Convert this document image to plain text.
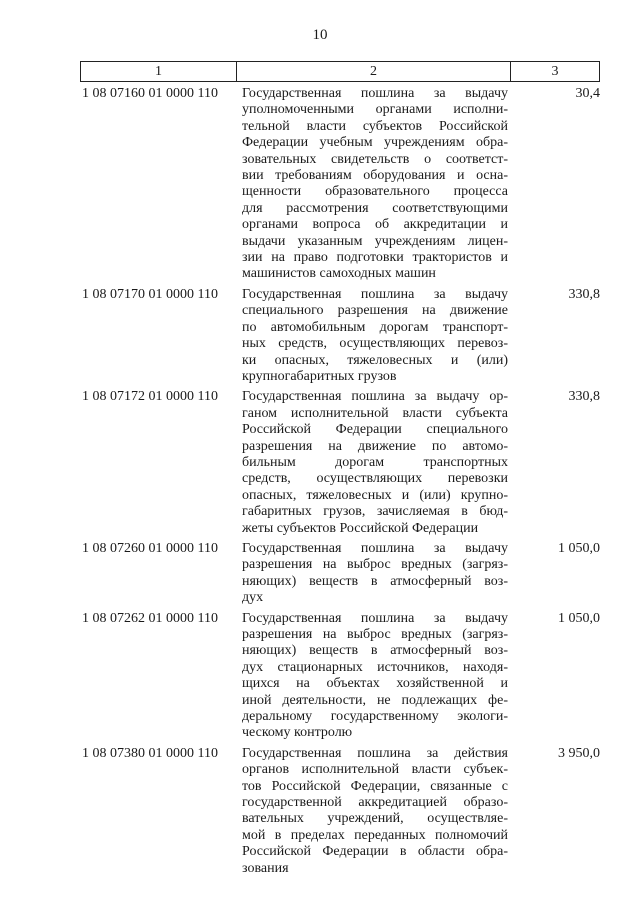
10
1	2	3
1 08 07160 01 0000 110	Государственная пошлина за выдачу
уполномоченными органами исполни-
тельной власти субъектов Российской
Федерации учебным учреждениям обра-
зовательных свидетельств о соответст-
вии требованиям оборудования и осна-
щенности образовательного процесса
для рассмотрения соответствующими
органами вопроса об аккредитации и
выдачи указанным учреждениям лицен-
зии на право подготовки трактористов и
машинистов самоходных машин
30,4
1 08 07170 01 0000 110	Государственная пошлина за выдачу
специального разрешения на движение
по автомобильным дорогам транспорт-
ных средств, осуществляющих перевоз-
ки опасных, тяжеловесных и (или)
крупногабаритных грузов
330,8
1 08 07172 01 0000 110	Государственная пошлина за выдачу ор-
ганом исполнительной власти субъекта
Российской Федерации специального
разрешения на движение по автомо-
бильным дорогам транспортных
средств, осуществляющих перевозки
опасных, тяжеловесных и (или) крупно-
габаритных грузов, зачисляемая в бюд-
жеты субъектов Российской Федерации
330,8
1 08 07260 01 0000 110	Государственная пошлина за выдачу
разрешения на выброс вредных (загряз-
няющих) веществ в атмосферный воз-
дух
1 050,0
1 08 07262 01 0000 110	Государственная пошлина за выдачу
разрешения на выброс вредных (загряз-
няющих) веществ в атмосферный воз-
дух стационарных источников, находя-
щихся на объектах хозяйственной и
иной деятельности, не подлежащих фе-
деральному государственному экологи-
ческому контролю
1 050,0
1 08 07380 01 0000 110	Государственная пошлина за действия
органов исполнительной власти субъек-
тов Российской Федерации, связанные с
государственной аккредитацией образо-
вательных учреждений, осуществляе-
мой в пределах переданных полномочий
Российской Федерации в области обра-
зования
3 950,0
